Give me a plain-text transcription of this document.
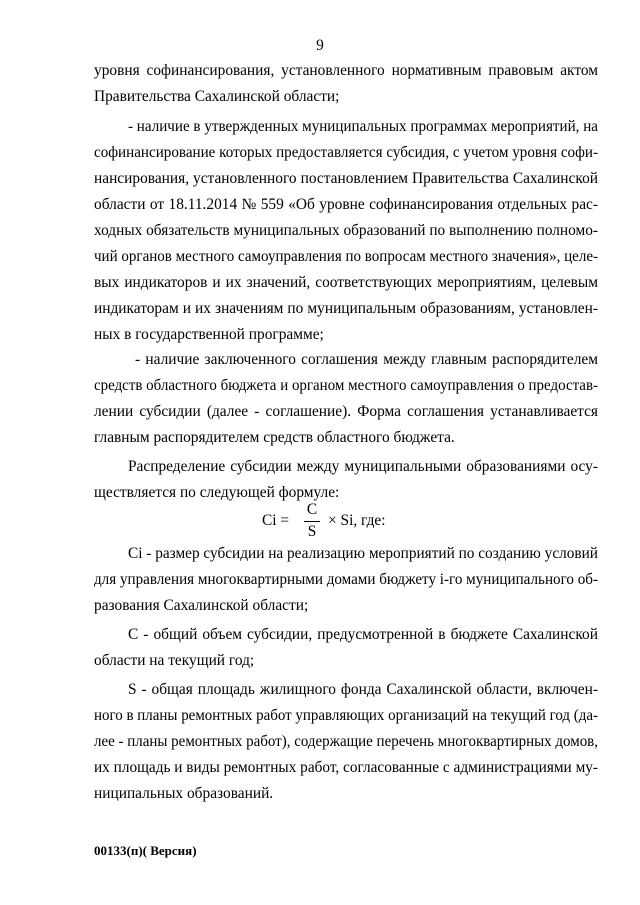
9
уровня софинансирования, установленного нормативным правовым актом
Правительства Сахалинской области;
- наличие в утвержденных муниципальных программах мероприятий, на
софинансирование которых предоставляется субсидия, с учетом уровня софи-
нансирования, установленного постановлением Правительства Сахалинской
области от 18.11.2014 № 559 «Об уровне софинансирования отдельных рас-
ходных обязательств муниципальных образований по выполнению полномо-
чий органов местного самоуправления по вопросам местного значения», целе-
вых индикаторов и их значений, соответствующих мероприятиям, целевым
индикаторам и их значениям по муниципальным образованиям, установлен-
ных в государственной программе;
- наличие заключенного соглашения между главным распорядителем
средств областного бюджета и органом местного самоуправления о предостав-
лении субсидии (далее - соглашение). Форма соглашения устанавливается
главным распорядителем средств областного бюджета.
Распределение субсидии между муниципальными образованиями осу-
ществляется по следующей формуле:
Ci =
C
S
× Si, где:
Ci - размер субсидии на реализацию мероприятий по созданию условий
для управления многоквартирными домами бюджету i-го муниципального об-
разования Сахалинской области;
С - общий объем субсидии, предусмотренной в бюджете Сахалинской
области на текущий год;
S - общая площадь жилищного фонда Сахалинской области, включен-
ного в планы ремонтных работ управляющих организаций на текущий год (да-
лее - планы ремонтных работ), содержащие перечень многоквартирных домов,
их площадь и виды ремонтных работ, согласованные с администрациями му-
ниципальных образований.
00133(п)( Версия)
